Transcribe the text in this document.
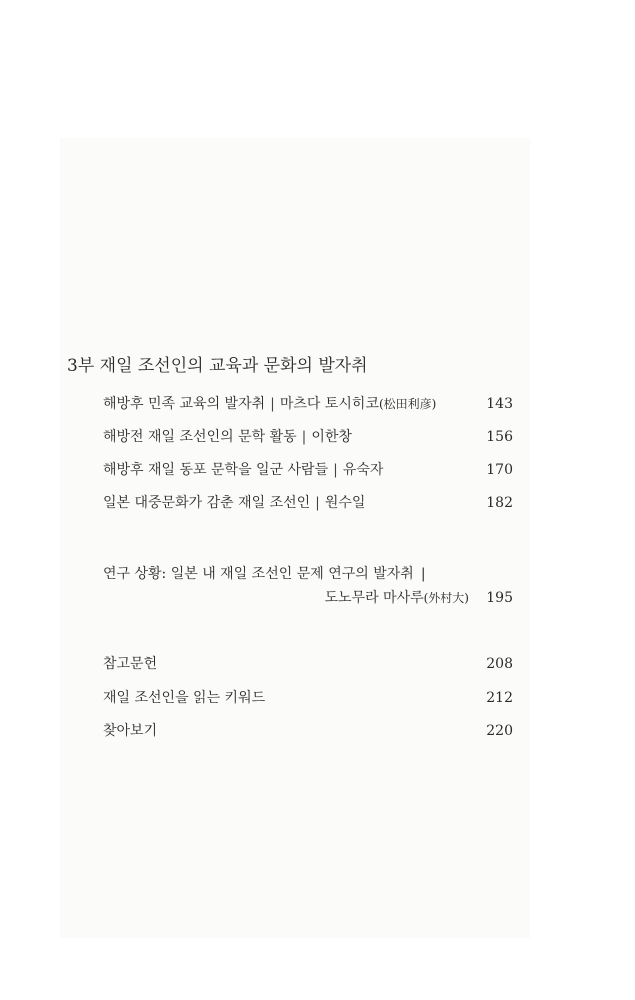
3부 재일 조선인의 교육과 문화의 발자취
해방후 민족 교육의 발자취 | 마츠다 토시히코(松田利彦)	143
해방전 재일 조선인의 문학 활동 | 이한창	156
해방후 재일 동포 문학을 일군 사람들 | 유숙자	170
일본 대중문화가 감춘 재일 조선인 | 원수일	182
연구 상황: 일본 내 재일 조선인 문제 연구의 발자취 |
도노무라 마사루(外村大) 195
참고문헌	208
재일 조선인을 읽는 키워드	212
찾아보기	220
